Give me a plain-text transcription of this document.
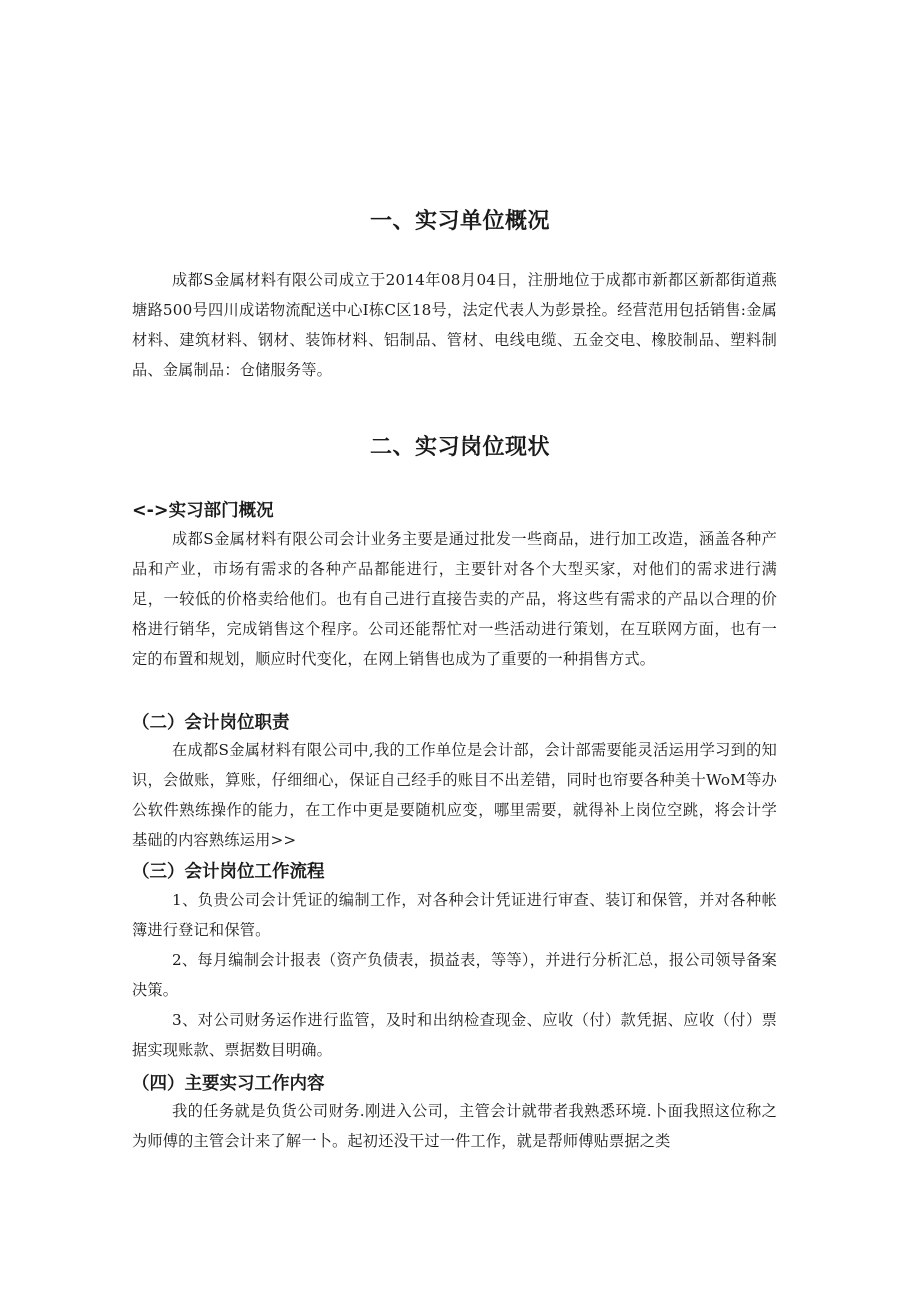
一、实习单位概况

成都S金属材料有限公司成立于2014年08月04日，注册地位于成都市新都区新都街道燕塘路500号四川成诺物流配送中心I栋C区18号，法定代表人为彭景拴。经营范用包括销售:金属材料、建筑材料、钢材、装饰材料、铝制品、管材、电线电缆、五金交电、橡胶制品、塑料制品、金属制品：仓储服务等。

二、实习岗位现状
<->实习部门概况

成都S金属材料有限公司会计业务主要是通过批发一些商品，进行加工改造，涵盖各种产品和产业，市场有需求的各种产品都能进行，主要针对各个大型买家，对他们的需求进行满足，一较低的价格卖给他们。也有自己进行直接告卖的产品，将这些有需求的产品以合理的价格进行销华，完成销售这个程序。公司还能帮忙对一些活动进行策划，在互联网方面，也有一定的布置和规划，顺应时代变化，在网上销售也成为了重要的一种捐售方式。

（二）会计岗位职责

在成都S金属材料有限公司中,我的工作单位是会计部，会计部需要能灵活运用学习到的知识，会做账，算账，仔细细心，保证自己经手的账目不出差错，同时也帘要各种美十WoM等办公软件熟练操作的能力，在工作中更是要随机应变，哪里需要，就得补上岗位空跳，将会计学基础的内容熟练运用>>

（三）会计岗位工作流程

1、负贵公司会计凭证的编制工作，对各种会计凭证进行审查、装订和保管，并对各种帐簿进行登记和保管。

2、每月编制会计报表（资产负债表，损益表，等等），并进行分析汇总，报公司领导备案决策。

3、对公司财务运作进行监管，及时和出纳检查现金、应收（付）款凭据、应收（付）票据实现账款、票据数目明确。

（四）主要实习工作内容

我的任务就是负货公司财务.刚进入公司，主管会计就带者我熟悉环境.卜面我照这位称之为师傅的主管会计来了解一卜。起初还没干过一件工作，就是帮师傅贴票据之类
